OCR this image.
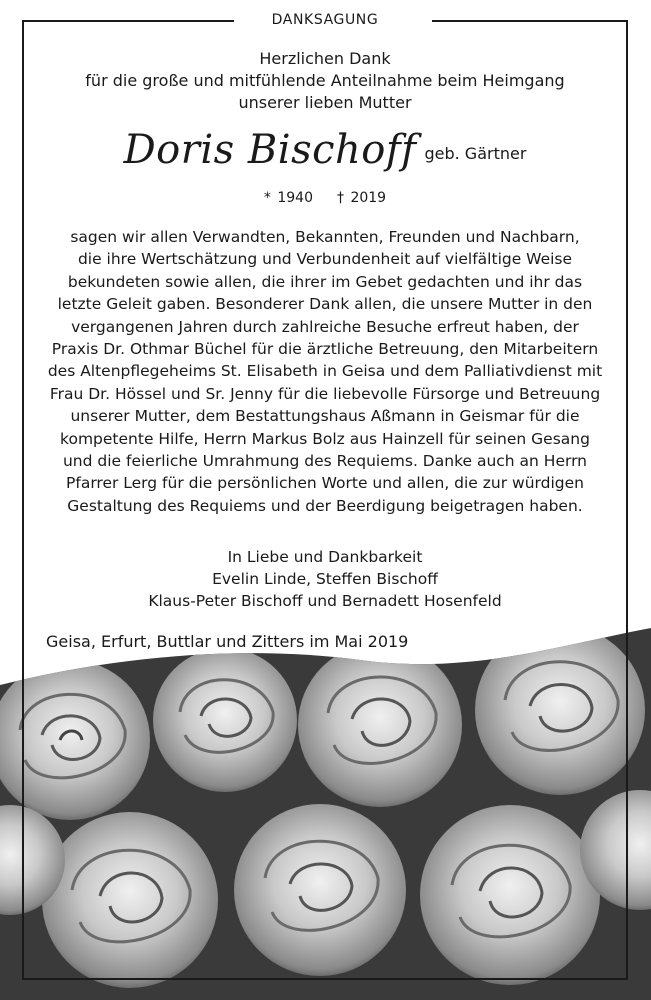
DANKSAGUNG
Herzlichen Dank
für die große und mitfühlende Anteilnahme beim Heimgang
unserer lieben Mutter
Doris Bischoff geb. Gärtner
* 1940 † 2019
sagen wir allen Verwandten, Bekannten, Freunden und Nachbarn,
die ihre Wertschätzung und Verbundenheit auf vielfältige Weise
bekundeten sowie allen, die ihrer im Gebet gedachten und ihr das
letzte Geleit gaben. Besonderer Dank allen, die unsere Mutter in den
vergangenen Jahren durch zahlreiche Besuche erfreut haben, der
Praxis Dr. Othmar Büchel für die ärztliche Betreuung, den Mitarbeitern
des Altenpflegeheims St. Elisabeth in Geisa und dem Palliativdienst mit
Frau Dr. Hössel und Sr. Jenny für die liebevolle Fürsorge und Betreuung
unserer Mutter, dem Bestattungshaus Aßmann in Geismar für die
kompetente Hilfe, Herrn Markus Bolz aus Hainzell für seinen Gesang
und die feierliche Umrahmung des Requiems. Danke auch an Herrn
Pfarrer Lerg für die persönlichen Worte und allen, die zur würdigen
Gestaltung des Requiems und der Beerdigung beigetragen haben.
In Liebe und Dankbarkeit
Evelin Linde, Steffen Bischoff
Klaus-Peter Bischoff und Bernadett Hosenfeld
Geisa, Erfurt, Buttlar und Zitters im Mai 2019
